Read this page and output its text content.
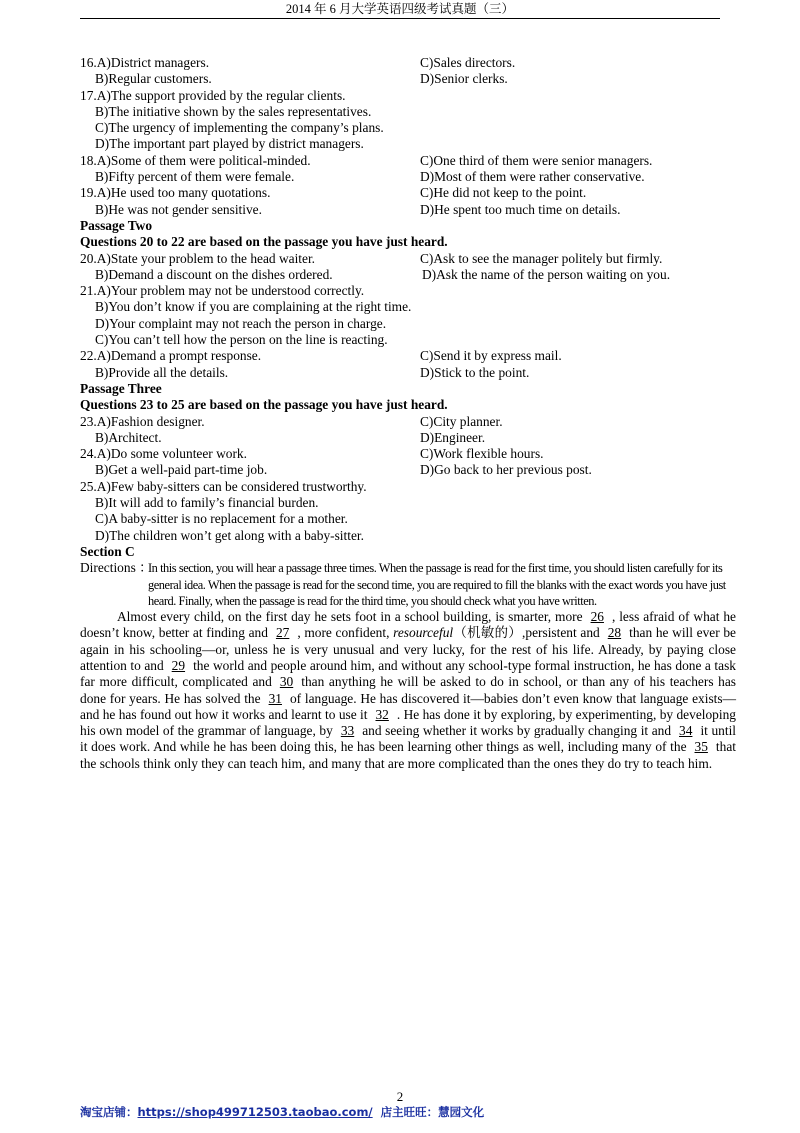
2014 年 6 月大学英语四级考试真题（三）
16.A)District managers.	C)Sales directors.
B)Regular customers.	D)Senior clerks.
17.A)The support provided by the regular clients.
B)The initiative shown by the sales representatives.
C)The urgency of implementing the company’s plans.
D)The important part played by district managers.
18.A)Some of them were political-minded.	C)One third of them were senior managers.
B)Fifty percent of them were female.	D)Most of them were rather conservative.
19.A)He used too many quotations.	C)He did not keep to the point.
B)He was not gender sensitive.	D)He spent too much time on details.
Passage Two
Questions 20 to 22 are based on the passage you have just heard.
20.A)State your problem to the head waiter.	C)Ask to see the manager politely but firmly.
B)Demand a discount on the dishes ordered.	D)Ask the name of the person waiting on you.
21.A)Your problem may not be understood correctly.
B)You don’t know if you are complaining at the right time.
D)Your complaint may not reach the person in charge.
C)You can’t tell how the person on the line is reacting.
22.A)Demand a prompt response.	C)Send it by express mail.
B)Provide all the details.	D)Stick to the point.
Passage Three
Questions 23 to 25 are based on the passage you have just heard.
23.A)Fashion designer.	C)City planner.
B)Architect.	D)Engineer.
24.A)Do some volunteer work.	C)Work flexible hours.
B)Get a well-paid part-time job.	D)Go back to her previous post.
25.A)Few baby-sitters can be considered trustworthy.
B)It will add to family’s financial burden.
C)A baby-sitter is no replacement for a mother.
D)The children won’t get along with a baby-sitter.
Section C
Directions ：
In this section, you will hear a passage three times. When the passage is read for the first time, you should listen carefully for its general idea. When the passage is read for the second time, you are required to fill the blanks with the exact words you have just heard. Finally, when the passage is read for the third time, you should check what you have written.

Almost every child, on the first day he sets foot in a school building, is smarter, more 26 , less afraid of what he doesn’t know, better at finding and 27 , more confident, resourceful（机敏的）,persistent and 28 than he will ever be again in his schooling—or, unless he is very unusual and very lucky, for the rest of his life. Already, by paying close attention to and 29 the world and people around him, and without any school-type formal instruction, he has done a task far more difficult, complicated and 30 than anything he will be asked to do in school, or than any of his teachers has done for years. He has solved the 31 of language. He has discovered it—babies don’t even know that language exists—and he has found out how it works and learnt to use it 32 . He has done it by exploring, by experimenting, by developing his own model of the grammar of language, by 33 and seeing whether it works by gradually changing it and 34 it until it does work. And while he has been doing this, he has been learning other things as well, including many of the 35 that the schools think only they can teach him, and many that are more complicated than the ones they do try to teach him.

2
淘宝店铺：https://shop499712503.taobao.com/ 店主旺旺：慧园文化
